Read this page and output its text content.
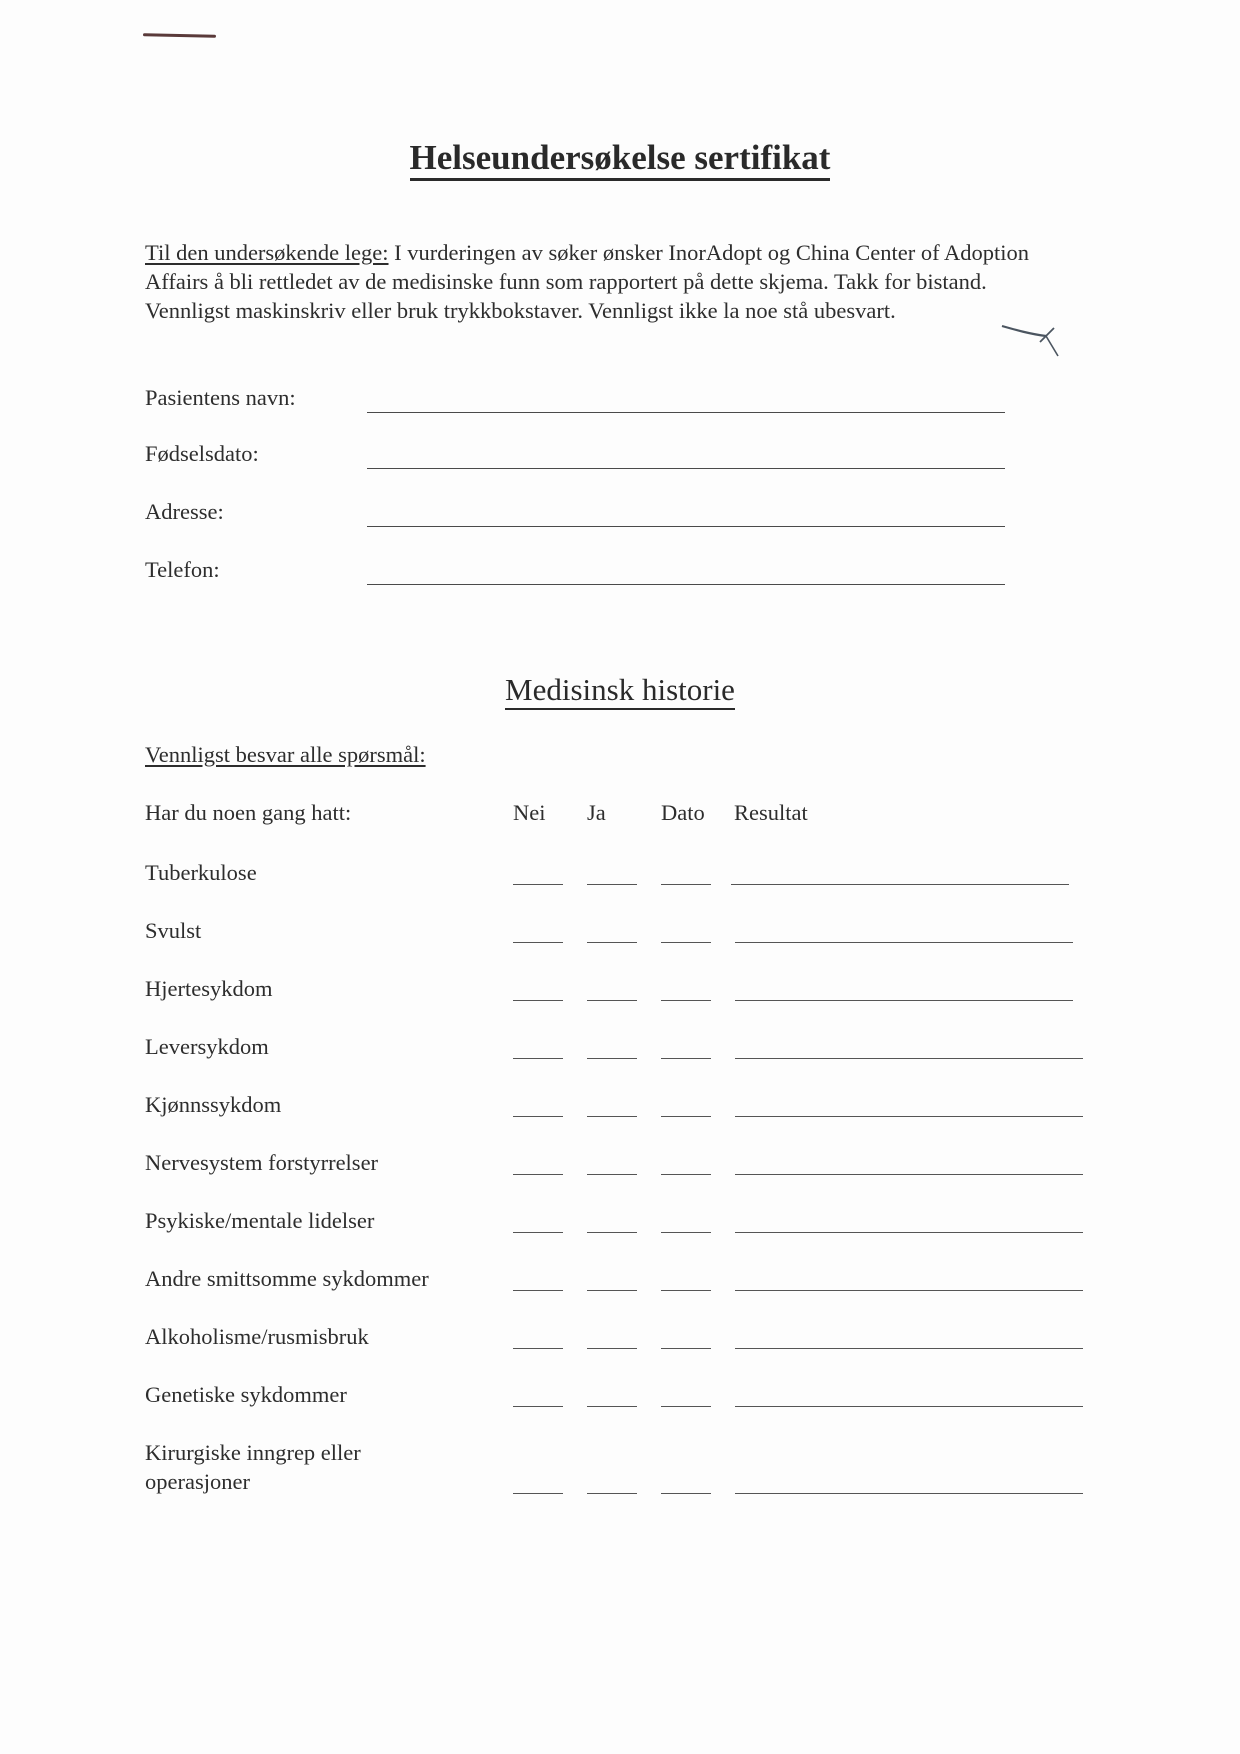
Helseundersøkelse sertifikat
Til den undersøkende lege: I vurderingen av søker ønsker InorAdopt og China Center of Adoption Affairs å bli rettledet av de medisinske funn som rapportert på dette skjema. Takk for bistand.
Vennligst maskinskriv eller bruk trykkbokstaver. Vennligst ikke la noe stå ubesvart.
Pasientens navn:
Fødselsdato:
Adresse:
Telefon:
Medisinsk historie
Vennligst besvar alle spørsmål:
Har du noen gang hatt:	Nei Ja Dato Resultat
Tuberkulose
Svulst
Hjertesykdom
Leversykdom
Kjønnssykdom
Nervesystem forstyrrelser
Psykiske/mentale lidelser
Andre smittsomme sykdommer
Alkoholisme/rusmisbruk
Genetiske sykdommer
Kirurgiske inngrep eller operasjoner
